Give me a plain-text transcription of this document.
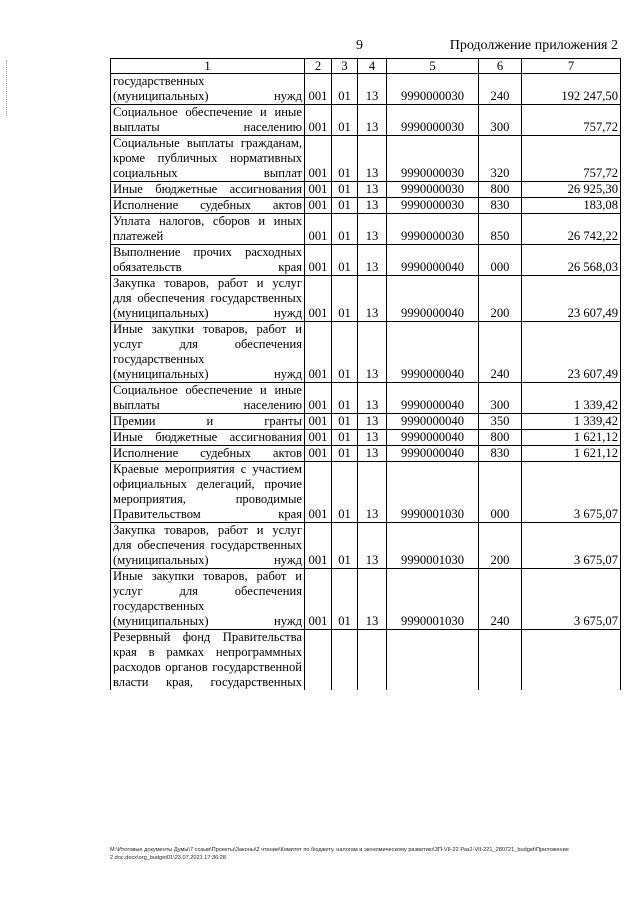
9	Продолжение приложения 2
1	2	3	4	5	6	7
государственных (муниципальных) нужд	001	01	13	9990000030	240	192 247,50
Социальное обеспечение и иные выплаты населению	001	01	13	9990000030	300	757,72
Социальные выплаты гражданам, кроме публичных нормативных социальных выплат	001	01	13	9990000030	320	757,72
Иные бюджетные ассигнования	001	01	13	9990000030	800	26 925,30
Исполнение судебных актов	001	01	13	9990000030	830	183,08
Уплата налогов, сборов и иных платежей	001	01	13	9990000030	850	26 742,22
Выполнение прочих расходных обязательств края	001	01	13	9990000040	000	26 568,03
Закупка товаров, работ и услуг для обеспечения государственных (муниципальных) нужд	001	01	13	9990000040	200	23 607,49
Иные закупки товаров, работ и услуг для обеспечения государственных (муниципальных) нужд	001	01	13	9990000040	240	23 607,49
Социальное обеспечение и иные выплаты населению	001	01	13	9990000040	300	1 339,42
Премии и гранты	001	01	13	9990000040	350	1 339,42
Иные бюджетные ассигнования	001	01	13	9990000040	800	1 621,12
Исполнение судебных актов	001	01	13	9990000040	830	1 621,12
Краевые мероприятия с участием официальных делегаций, прочие мероприятия, проводимые Правительством края	001	01	13	9990001030	000	3 675,07
Закупка товаров, работ и услуг для обеспечения государственных (муниципальных) нужд	001	01	13	9990001030	200	3 675,07
Иные закупки товаров, работ и услуг для обеспечения государственных (муниципальных) нужд	001	01	13	9990001030	240	3 675,07
Резервный фонд Правительства края в рамках непрограммных расходов органов государственной власти края, государственных						
M:\Итоговые документы Думы\7 созыв\Проекты\Законы\2 чтение\Комитет по бюджету, налогам и экономическому развитию\ЗП-VII-22 Раз2-VII-221_280721_budget\Приложение 2.doc.docx\org_budget01\23.07.2021 17:36:28
